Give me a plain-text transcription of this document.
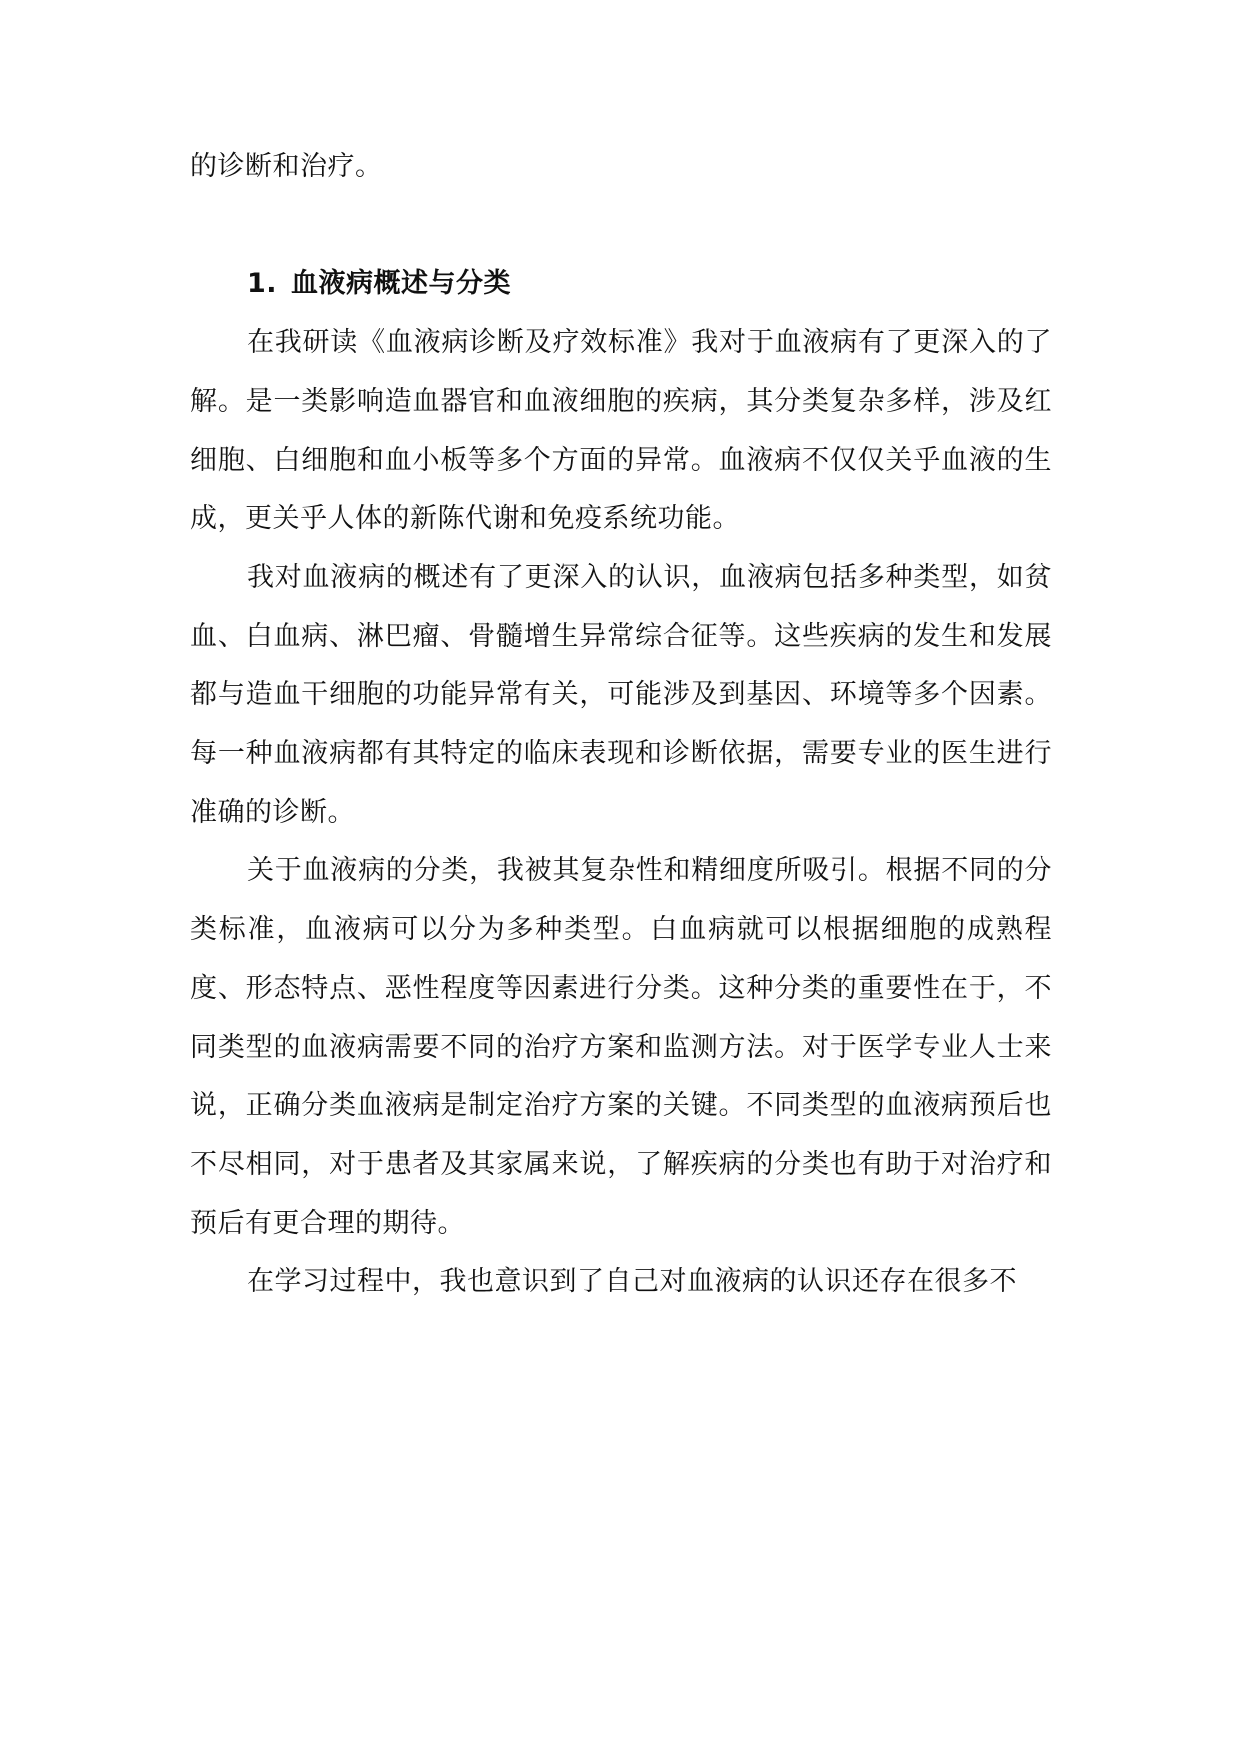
的诊断和治疗。

1. 血液病概述与分类

在我研读《血液病诊断及疗效标准》我对于血液病有了更深入的了解。是一类影响造血器官和血液细胞的疾病，其分类复杂多样，涉及红细胞、白细胞和血小板等多个方面的异常。血液病不仅仅关乎血液的生成，更关乎人体的新陈代谢和免疫系统功能。

我对血液病的概述有了更深入的认识，血液病包括多种类型，如贫血、白血病、淋巴瘤、骨髓增生异常综合征等。这些疾病的发生和发展都与造血干细胞的功能异常有关，可能涉及到基因、环境等多个因素。每一种血液病都有其特定的临床表现和诊断依据，需要专业的医生进行准确的诊断。

关于血液病的分类，我被其复杂性和精细度所吸引。根据不同的分类标准，血液病可以分为多种类型。白血病就可以根据细胞的成熟程度、形态特点、恶性程度等因素进行分类。这种分类的重要性在于，不同类型的血液病需要不同的治疗方案和监测方法。对于医学专业人士来说，正确分类血液病是制定治疗方案的关键。不同类型的血液病预后也不尽相同，对于患者及其家属来说，了解疾病的分类也有助于对治疗和预后有更合理的期待。

在学习过程中，我也意识到了自己对血液病的认识还存在很多不
